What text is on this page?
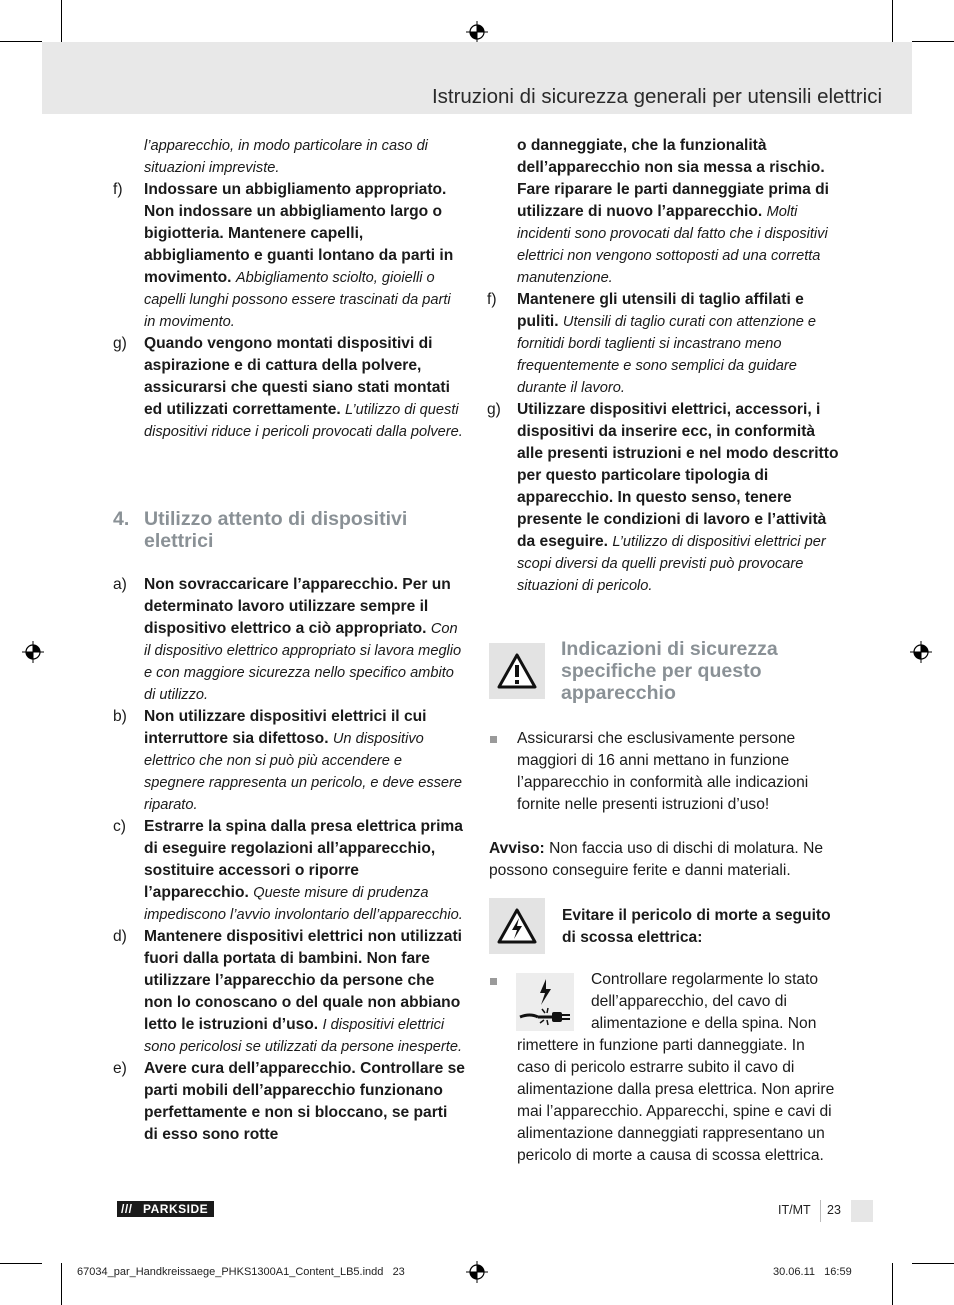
Istruzioni di sicurezza generali per utensili elettrici

l’apparecchio, in modo particolare in caso di situazioni impreviste.

f) Indossare un abbigliamento appropriato. Non indossare un abbigliamento largo o bigiotteria. Mantenere capelli, abbigliamento e guanti lontano da parti in movimento. Abbigliamento sciolto, gioielli o capelli lunghi possono essere trascinati da parti in movimento.
g) Quando vengono montati dispositivi di aspirazione e di cattura della polvere, assicurarsi che questi siano stati montati ed utilizzati correttamente. L’utilizzo di questi dispositivi riduce i pericoli provocati dalla polvere.
4. Utilizzo attento di dispositivi elettrici
a) Non sovraccaricare l’apparecchio. Per un determinato lavoro utilizzare sempre il dispositivo elettrico a ciò appropriato. Con il dispositivo elettrico appropriato si lavora meglio e con maggiore sicurezza nello specifico ambito di utilizzo.
b) Non utilizzare dispositivi elettrici il cui interruttore sia difettoso. Un dispositivo elettrico che non si può più accendere e spegnere rappresenta un pericolo, e deve essere riparato.
c) Estrarre la spina dalla presa elettrica prima di eseguire regolazioni all’apparecchio, sostituire accessori o riporre l’apparecchio. Queste misure di prudenza impediscono l’avvio involontario dell’apparecchio.
d) Mantenere dispositivi elettrici non utilizzati fuori dalla portata di bambini. Non fare utilizzare l’apparecchio da persone che non lo conoscano o del quale non abbiano letto le istruzioni d’uso. I dispositivi elettrici sono pericolosi se utilizzati da persone inesperte.
e) Avere cura dell’apparecchio. Controllare se parti mobili dell’apparecchio funzionano perfettamente e non si bloccano, se parti di esso sono rotte

o danneggiate, che la funzionalità dell’apparecchio non sia messa a rischio. Fare riparare le parti danneggiate prima di utilizzare di nuovo l’apparecchio. Molti incidenti sono provocati dal fatto che i dispositivi elettrici non vengono sottoposti ad una corretta manutenzione.

f) Mantenere gli utensili di taglio affilati e puliti. Utensili di taglio curati con attenzione e fornitidi bordi taglienti si incastrano meno frequentemente e sono semplici da guidare durante il lavoro.
g) Utilizzare dispositivi elettrici, accessori, i dispositivi da inserire ecc, in conformità alle presenti istruzioni e nel modo descritto per questo particolare tipologia di apparecchio. In questo senso, tenere presente le condizioni di lavoro e l’attività da eseguire. L’utilizzo di dispositivi elettrici per scopi diversi da quelli previsti può provocare situazioni di pericolo.
Indicazioni di sicurezza specifiche per questo apparecchio
Assicurarsi che esclusivamente persone maggiori di 16 anni mettano in funzione l’apparecchio in conformità alle indicazioni fornite nelle presenti istruzioni d’uso!
Avviso: Non faccia uso di dischi di molatura. Ne possono conseguire ferite e danni materiali.
Evitare il pericolo di morte a seguito di scossa elettrica:
Controllare regolarmente lo stato dell’apparecchio, del cavo di alimentazione e della spina. Non rimettere in funzione parti danneggiate. In caso di pericolo estrarre subito il cavo di alimentazione dalla presa elettrica. Non aprire mai l’apparecchio. Apparecchi, spine e cavi di alimentazione danneggiati rappresentano un pericolo di morte a causa di scossa elettrica.
/// PARKSIDE	IT/MT 23
67034_par_Handkreissaege_PHKS1300A1_Content_LB5.indd   23	30.06.11   16:59
